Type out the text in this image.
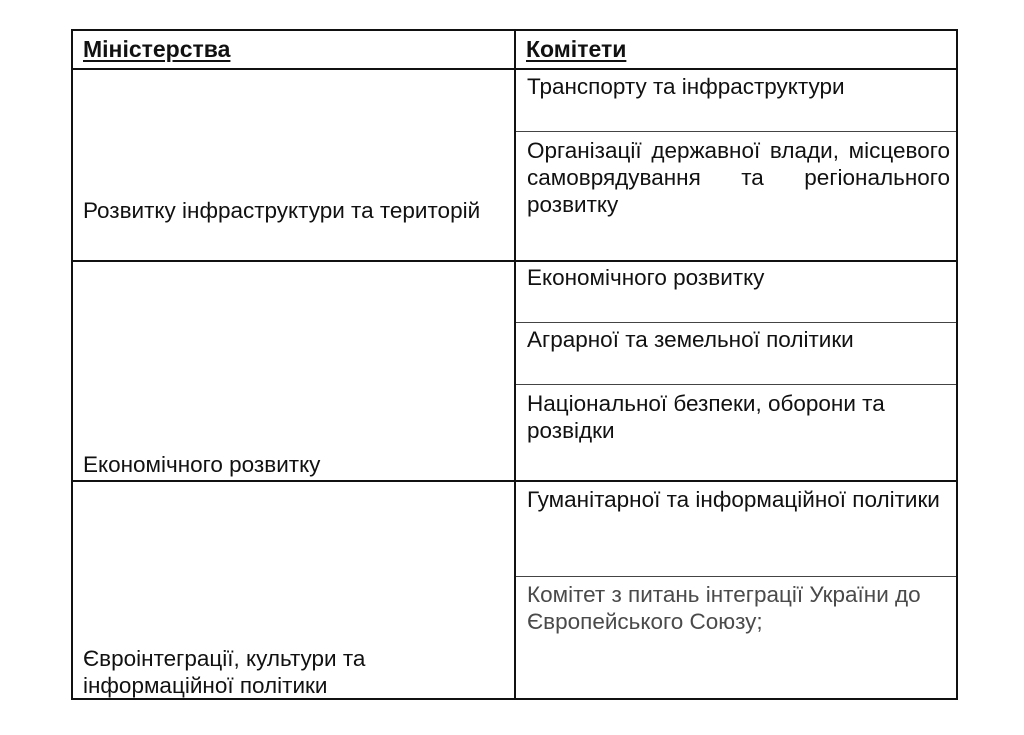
Міністерства	Комітети
Розвитку інфраструктури та територій
Транспорту та інфраструктури
Організації державної влади, місцевого самоврядування та регіонального розвитку
Економічного розвитку
Економічного розвитку
Аграрної та земельної політики
Національної безпеки, оборони та розвідки
Євроінтеграції, культури та інформаційної політики
Гуманітарної та інформаційної політики
Комітет з питань інтеграції України до Європейського Союзу;
